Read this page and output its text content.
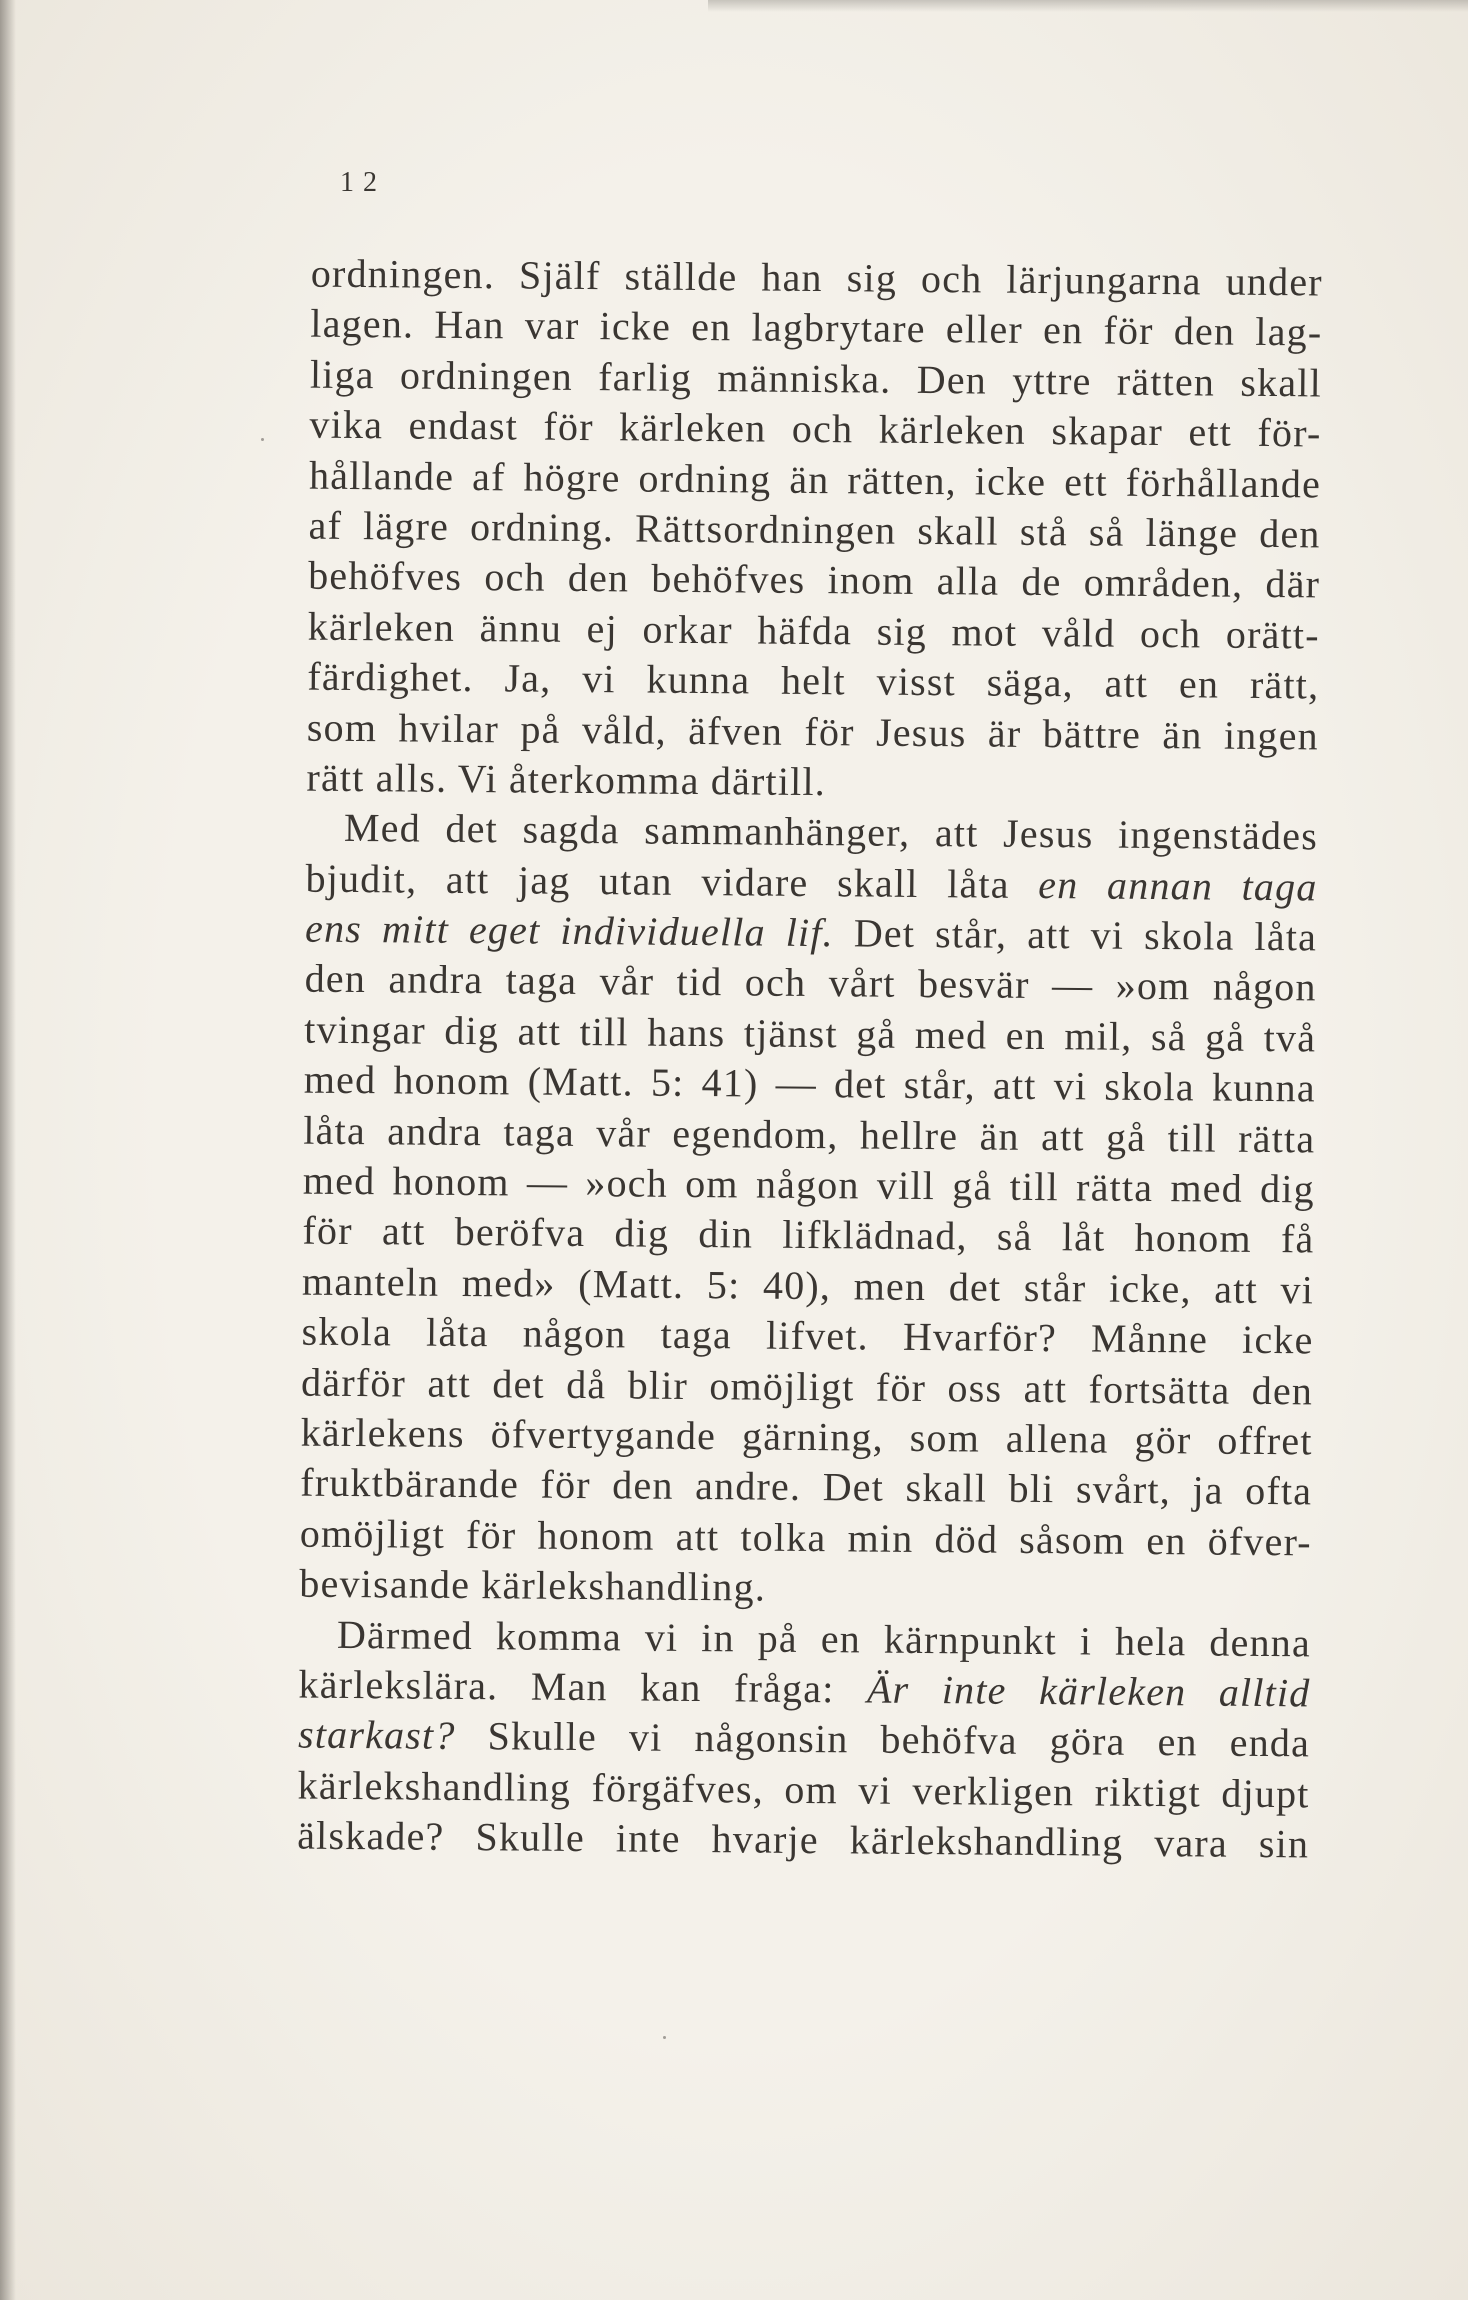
12
ordningen. Själf ställde han sig och lärjungarna under
lagen. Han var icke en lagbrytare eller en för den lag-
liga ordningen farlig människa. Den yttre rätten skall
vika endast för kärleken och kärleken skapar ett för-
hållande af högre ordning än rätten, icke ett förhållande
af lägre ordning. Rättsordningen skall stå så länge den
behöfves och den behöfves inom alla de områden, där
kärleken ännu ej orkar häfda sig mot våld och orätt-
färdighet. Ja, vi kunna helt visst säga, att en rätt,
som hvilar på våld, äfven för Jesus är bättre än ingen
rätt alls. Vi återkomma därtill.
Med det sagda sammanhänger, att Jesus ingenstädes
bjudit, att jag utan vidare skall låta en annan taga
ens mitt eget individuella lif. Det står, att vi skola låta
den andra taga vår tid och vårt besvär — »om någon
tvingar dig att till hans tjänst gå med en mil, så gå två
med honom (Matt. 5: 41) — det står, att vi skola kunna
låta andra taga vår egendom, hellre än att gå till rätta
med honom — »och om någon vill gå till rätta med dig
för att beröfva dig din lifklädnad, så låt honom få
manteln med» (Matt. 5: 40), men det står icke, att vi
skola låta någon taga lifvet. Hvarför? Månne icke
därför att det då blir omöjligt för oss att fortsätta den
kärlekens öfvertygande gärning, som allena gör offret
fruktbärande för den andre. Det skall bli svårt, ja ofta
omöjligt för honom att tolka min död såsom en öfver-
bevisande kärlekshandling.
Därmed komma vi in på en kärnpunkt i hela denna
kärlekslära. Man kan fråga: Är inte kärleken alltid
starkast? Skulle vi någonsin behöfva göra en enda
kärlekshandling förgäfves, om vi verkligen riktigt djupt
älskade? Skulle inte hvarje kärlekshandling vara sin
